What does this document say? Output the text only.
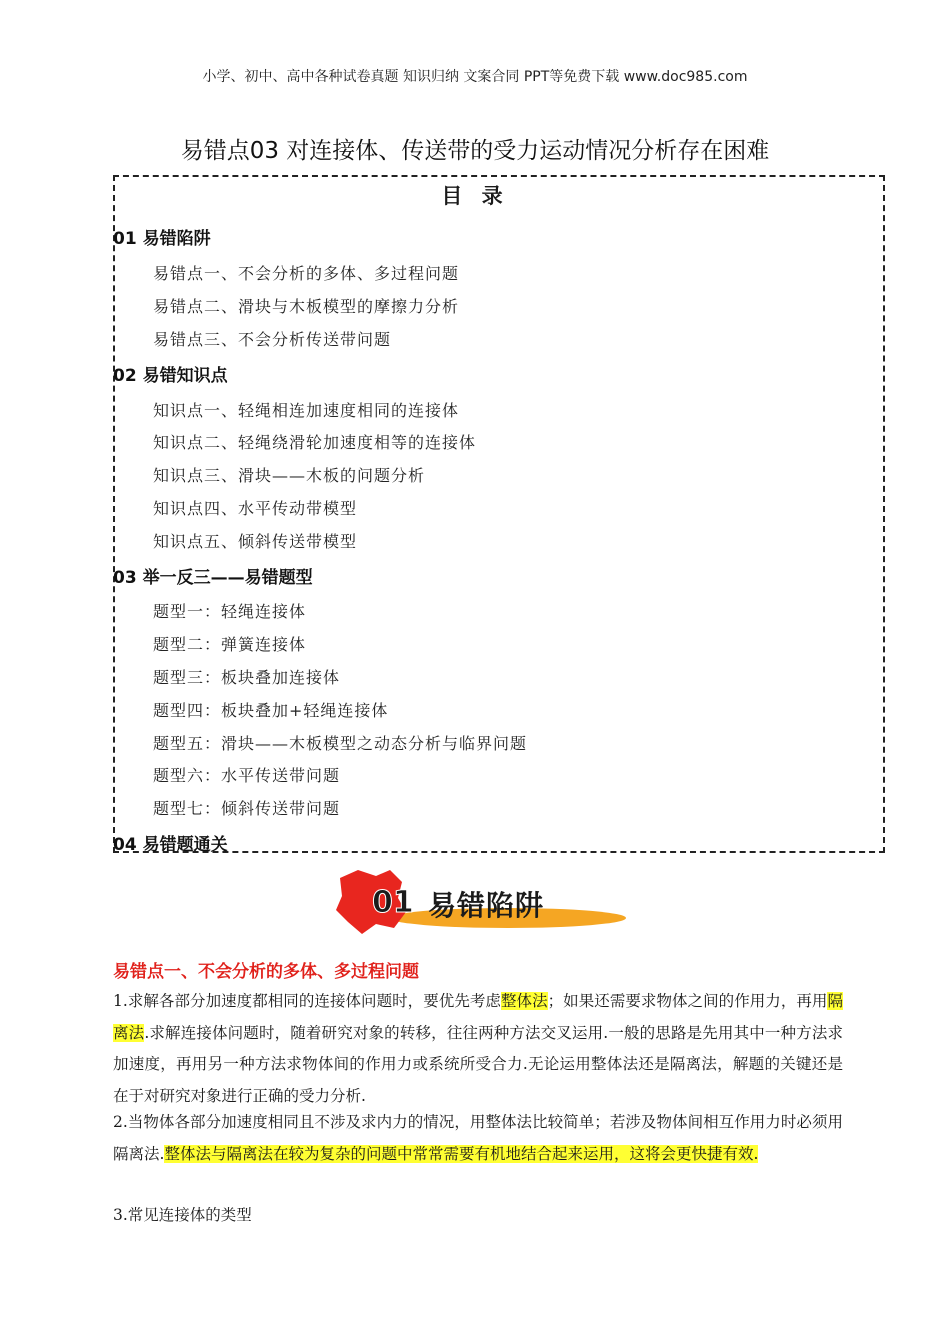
小学、初中、高中各种试卷真题 知识归纳 文案合同 PPT等免费下载 www.doc985.com
易错点03 对连接体、传送带的受力运动情况分析存在困难
目 录
01 易错陷阱
易错点一、不会分析的多体、多过程问题
易错点二、滑块与木板模型的摩擦力分析
易错点三、不会分析传送带问题
02 易错知识点
知识点一、轻绳相连加速度相同的连接体
知识点二、轻绳绕滑轮加速度相等的连接体
知识点三、滑块——木板的问题分析
知识点四、水平传动带模型
知识点五、倾斜传送带模型
03 举一反三——易错题型
题型一：轻绳连接体
题型二：弹簧连接体
题型三：板块叠加连接体
题型四：板块叠加+轻绳连接体
题型五：滑块——木板模型之动态分析与临界问题
题型六：水平传送带问题
题型七：倾斜传送带问题
04 易错题通关
01 易错陷阱
易错点一、不会分析的多体、多过程问题
1.求解各部分加速度都相同的连接体问题时，要优先考虑整体法；如果还需要求物体之间的作用力，再用隔离法.求解连接体问题时，随着研究对象的转移，往往两种方法交叉运用.一般的思路是先用其中一种方法求加速度，再用另一种方法求物体间的作用力或系统所受合力.无论运用整体法还是隔离法，解题的关键还是在于对研究对象进行正确的受力分析.
2.当物体各部分加速度相同且不涉及求内力的情况，用整体法比较简单；若涉及物体间相互作用力时必须用隔离法.整体法与隔离法在较为复杂的问题中常常需要有机地结合起来运用，这将会更快捷有效.
3.常见连接体的类型
